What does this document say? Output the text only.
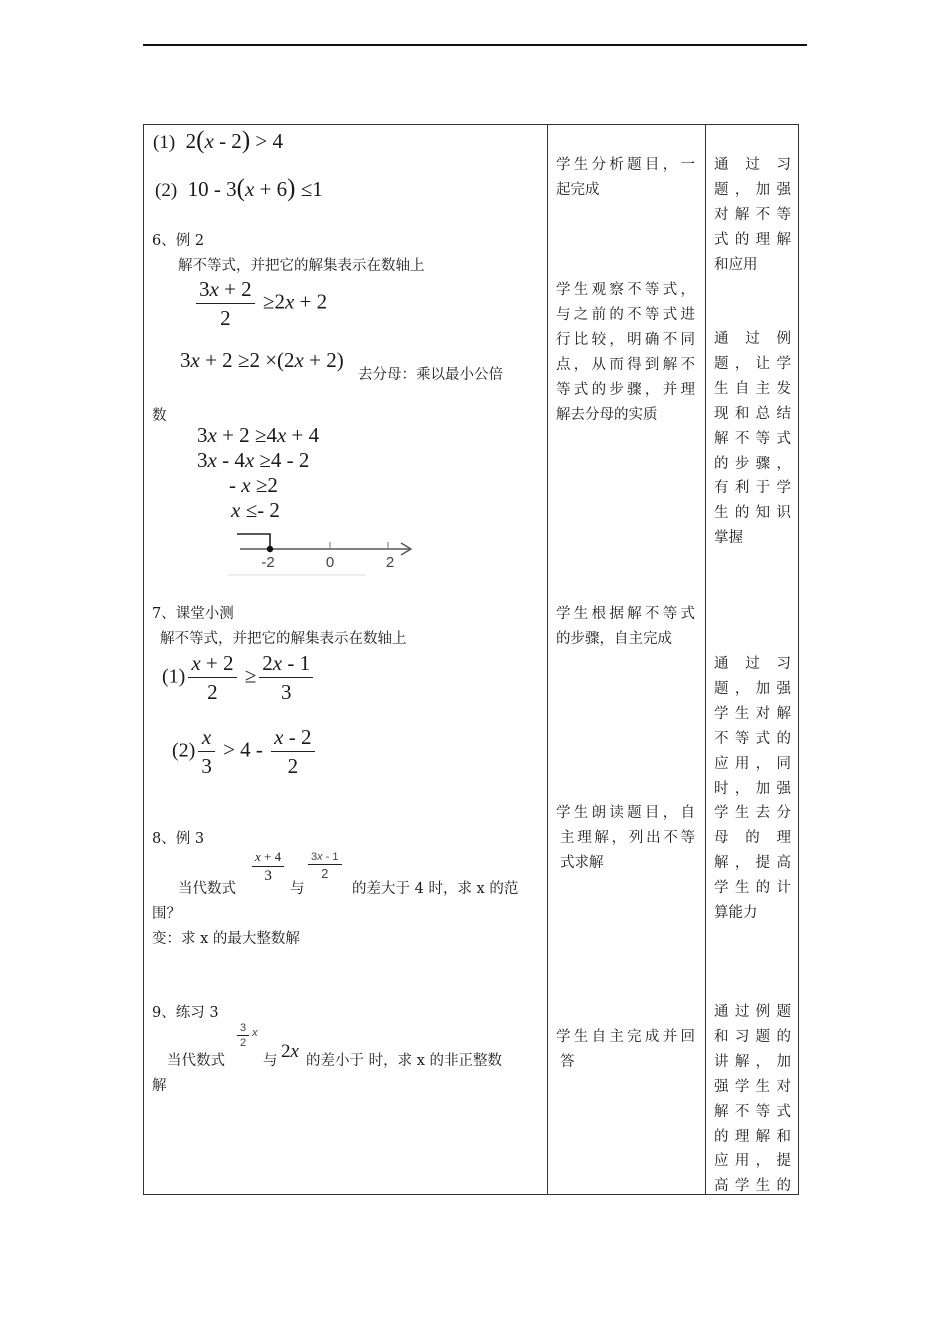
(1)  2(x - 2) > 4
(2)  10 - 3(x + 6) ≤1
6、例 2
解不等式，并把它的解集表示在数轴上
$\frac{3x + 2}{2} \ge 2x + 2$
3x + 2 ≥2 ×(2x + 2)
去分母：乘以最小公倍
数
3x + 2 ≥4x + 4
3x - 4x ≥4 - 2
- x ≥2
x ≤- 2
-2	0	2
7、课堂小测
解不等式，并把它的解集表示在数轴上
$(1) \frac{x + 2}{2} \ge \frac{2x - 1}{3}$
$(2) \frac{x}{3} > 4 - \frac{x - 2}{2}$
8、例 3
当代数式
$\frac{x + 4}{3}$
与
$\frac{3x - 1}{2}$
的差大于 4 时，求 x 的范
围？
变：求 x 的最大整数解
9、练习 3
当代数式
$\frac{3}{2} ^x$
与 2x 的差小于 时，求 x 的非正整数
解
学生分析题目，一
起完成
学生观察不等式，
与之前的不等式进
行比较，明确不同
点，从而得到解不
等式的步骤，并理
解去分母的实质
学生根据解不等式
的步骤，自主完成
学生朗读题目，自
主理解，列出不等
式求解
学生自主完成并回
答
通过习
题，加强
对解不等
式的理解
和应用
通过例
题，让学
生自主发
现和总结
解不等式
的步骤，
有利于学
生的知识
掌握
通过习
题，加强
学生对解
不等式的
应用，同
时，加强
学生去分
母的理
解，提高
学生的计
算能力
通过例题
和习题的
讲解，加
强学生对
解不等式
的理解和
应用，提
高学生的
